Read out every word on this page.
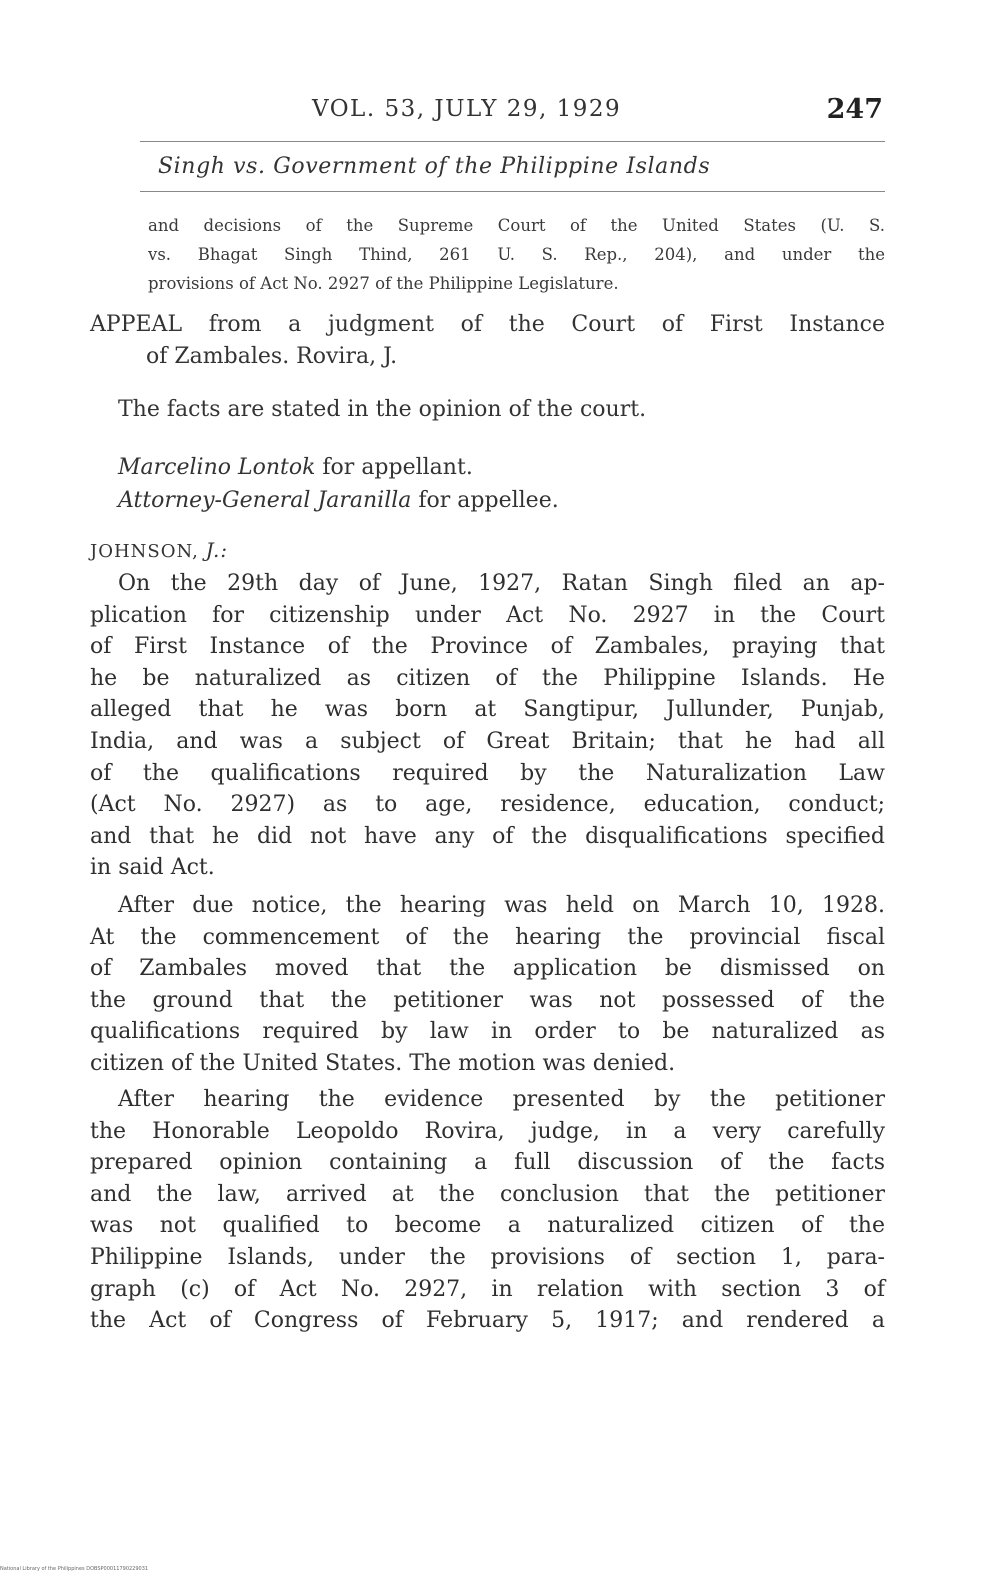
VOL. 53, JULY 29, 1929	247
Singh vs. Government of the Philippine Islands
and decisions of the Supreme Court of the United States (U. S.
vs. Bhagat Singh Thind, 261 U. S. Rep., 204), and under the
provisions of Act No. 2927 of the Philippine Legislature.
APPEAL from a judgment of the Court of First Instance
of Zambales. Rovira, J.
The facts are stated in the opinion of the court.
Marcelino Lontok for appellant.
Attorney-General Jaranilla for appellee.
JOHNSON, J.:
On the 29th day of June, 1927, Ratan Singh filed an ap-
plication for citizenship under Act No. 2927 in the Court
of First Instance of the Province of Zambales, praying that
he be naturalized as citizen of the Philippine Islands. He
alleged that he was born at Sangtipur, Jullunder, Punjab,
India, and was a subject of Great Britain; that he had all
of the qualifications required by the Naturalization Law
(Act No. 2927) as to age, residence, education, conduct;
and that he did not have any of the disqualifications specified
in said Act.
After due notice, the hearing was held on March 10, 1928.
At the commencement of the hearing the provincial fiscal
of Zambales moved that the application be dismissed on
the ground that the petitioner was not possessed of the
qualifications required by law in order to be naturalized as
citizen of the United States. The motion was denied.
After hearing the evidence presented by the petitioner
the Honorable Leopoldo Rovira, judge, in a very carefully
prepared opinion containing a full discussion of the facts
and the law, arrived at the conclusion that the petitioner
was not qualified to become a naturalized citizen of the
Philippine Islands, under the provisions of section 1, para-
graph (c) of Act No. 2927, in relation with section 3 of
the Act of Congress of February 5, 1917; and rendered a
National Library of the Philippines DOBSP00011790229031
